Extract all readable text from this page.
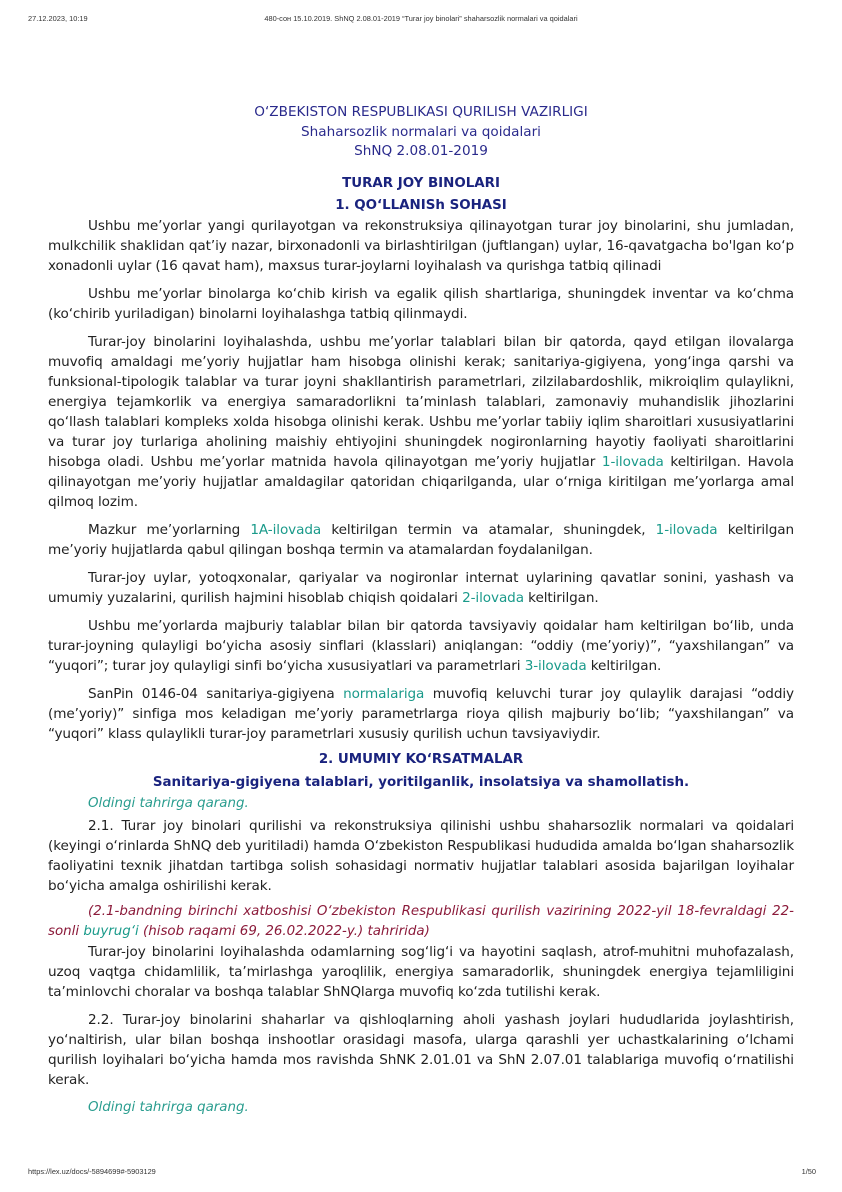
27.12.2023, 10:19	480-сон 15.10.2019. ShNQ 2.08.01-2019 “Turar joy binolari” shaharsozlik normalari va qoidalari
O‘ZBEKISTON RESPUBLIKASI QURILISH VAZIRLIGI
Shaharsozlik normalari va qoidalari
ShNQ 2.08.01-2019
TURAR JOY BINOLARI
1. QO‘LLANISh SOHASI

Ushbu me’yorlar yangi qurilayotgan va rekonstruksiya qilinayotgan turar joy binolarini, shu jumladan, mulkchilik shaklidan qat’iy nazar, birxonadonli va birlashtirilgan (juftlangan) uylar, 16-qavatgacha bo'lgan ko‘p xonadonli uylar (16 qavat ham), maxsus turar-joylarni loyihalash va qurishga tatbiq qilinadi

Ushbu me’yorlar binolarga ko‘chib kirish va egalik qilish shartlariga, shuningdek inventar va ko‘chma (ko‘chirib yuriladigan) binolarni loyihalashga tatbiq qilinmaydi.

Turar-joy binolarini loyihalashda, ushbu me’yorlar talablari bilan bir qatorda, qayd etilgan ilovalarga muvofiq amaldagi me’yoriy hujjatlar ham hisobga olinishi kerak; sanitariya-gigiyena, yong‘inga qarshi va funksional-tipologik talablar va turar joyni shakllantirish parametrlari, zilzilabardoshlik, mikroiqlim qulaylikni, energiya tejamkorlik va energiya samaradorlikni ta’minlash talablari, zamonaviy muhandislik jihozlarini qo‘llash talablari kompleks xolda hisobga olinishi kerak. Ushbu me’yorlar tabiiy iqlim sharoitlari xususiyatlarini va turar joy turlariga aholining maishiy ehtiyojini shuningdek nogironlarning hayotiy faoliyati sharoitlarini hisobga oladi. Ushbu me’yorlar matnida havola qilinayotgan me’yoriy hujjatlar 1-ilovada keltirilgan. Havola qilinayotgan me’yoriy hujjatlar amaldagilar qatoridan chiqarilganda, ular o‘rniga kiritilgan me’yorlarga amal qilmoq lozim.

Mazkur me’yorlarning 1A-ilovada keltirilgan termin va atamalar, shuningdek, 1-ilovada keltirilgan me’yoriy hujjatlarda qabul qilingan boshqa termin va atamalardan foydalanilgan.

Turar-joy uylar, yotoqxonalar, qariyalar va nogironlar internat uylarining qavatlar sonini, yashash va umumiy yuzalarini, qurilish hajmini hisoblab chiqish qoidalari 2-ilovada keltirilgan.

Ushbu me’yorlarda majburiy talablar bilan bir qatorda tavsiyaviy qoidalar ham keltirilgan bo‘lib, unda turar-joyning qulayligi bo‘yicha asosiy sinflari (klasslari) aniqlangan: “oddiy (me’yoriy)”, “yaxshilangan” va “yuqori”; turar joy qulayligi sinfi bo‘yicha xususiyatlari va parametrlari 3-ilovada keltirilgan.

SanPin 0146-04 sanitariya-gigiyena normalariga muvofiq keluvchi turar joy qulaylik darajasi “oddiy (me’yoriy)” sinfiga mos keladigan me’yoriy parametrlarga rioya qilish majburiy bo‘lib; “yaxshilangan” va “yuqori” klass qulaylikli turar-joy parametrlari xususiy qurilish uchun tavsiyaviydir.

2. UMUMIY KO‘RSATMALAR
Sanitariya-gigiyena talablari, yoritilganlik, insolatsiya va shamollatish.
Oldingi tahrirga qarang.

2.1. Turar joy binolari qurilishi va rekonstruksiya qilinishi ushbu shaharsozlik normalari va qoidalari (keyingi o‘rinlarda ShNQ deb yuritiladi) hamda O‘zbekiston Respublikasi hududida amalda bo‘lgan shaharsozlik faoliyatini texnik jihatdan tartibga solish sohasidagi normativ hujjatlar talablari asosida bajarilgan loyihalar bo‘yicha amalga oshirilishi kerak.

(2.1-bandning birinchi xatboshisi O‘zbekiston Respublikasi qurilish vazirining 2022-yil 18-fevraldagi 22-sonli buyrug‘i (hisob raqami 69, 26.02.2022-y.) tahririda)

Turar-joy binolarini loyihalashda odamlarning sog‘lig‘i va hayotini saqlash, atrof-muhitni muhofazalash, uzoq vaqtga chidamlilik, ta’mirlashga yaroqlilik, energiya samaradorlik, shuningdek energiya tejamliligini ta’minlovchi choralar va boshqa talablar ShNQlarga muvofiq ko‘zda tutilishi kerak.

2.2. Turar-joy binolarini shaharlar va qishloqlarning aholi yashash joylari hududlarida joylashtirish, yo‘naltirish, ular bilan boshqa inshootlar orasidagi masofa, ularga qarashli yer uchastkalarining o‘lchami qurilish loyihalari bo‘yicha hamda mos ravishda ShNK 2.01.01 va ShN 2.07.01 talablariga muvofiq o‘rnatilishi kerak.

Oldingi tahrirga qarang.
https://lex.uz/docs/-5894699#-5903129	1/50
